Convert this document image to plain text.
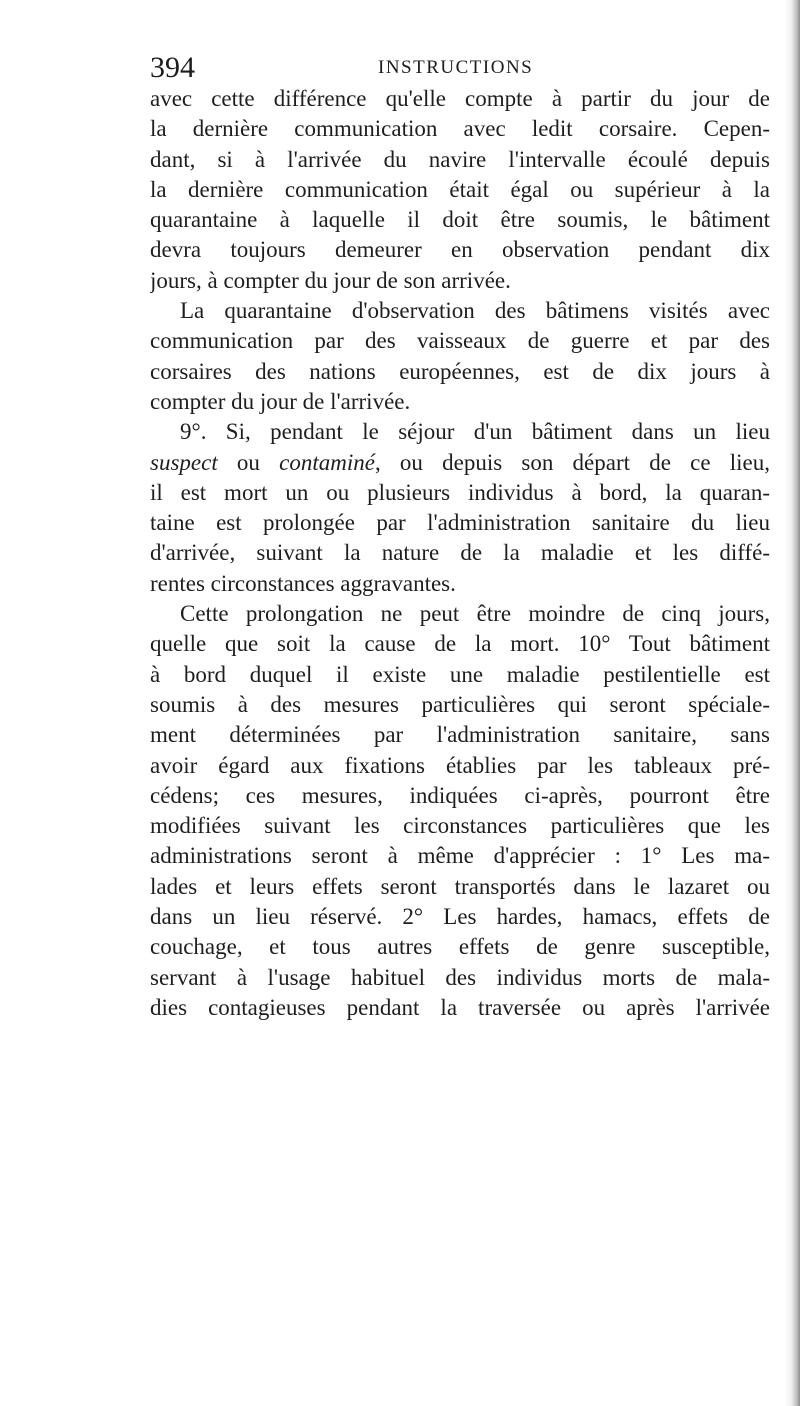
394	INSTRUCTIONS
avec cette différence qu'elle compte à partir du jour de
la dernière communication avec ledit corsaire. Cepen-
dant, si à l'arrivée du navire l'intervalle écoulé depuis
la dernière communication était égal ou supérieur à la
quarantaine à laquelle il doit être soumis, le bâtiment
devra toujours demeurer en observation pendant dix
jours, à compter du jour de son arrivée.
La quarantaine d'observation des bâtimens visités avec
communication par des vaisseaux de guerre et par des
corsaires des nations européennes, est de dix jours à
compter du jour de l'arrivée.
9°. Si, pendant le séjour d'un bâtiment dans un lieu
suspect ou contaminé, ou depuis son départ de ce lieu,
il est mort un ou plusieurs individus à bord, la quaran-
taine est prolongée par l'administration sanitaire du lieu
d'arrivée, suivant la nature de la maladie et les diffé-
rentes circonstances aggravantes.
Cette prolongation ne peut être moindre de cinq jours,
quelle que soit la cause de la mort. 10° Tout bâtiment
à bord duquel il existe une maladie pestilentielle est
soumis à des mesures particulières qui seront spéciale-
ment déterminées par l'administration sanitaire, sans
avoir égard aux fixations établies par les tableaux pré-
cédens; ces mesures, indiquées ci-après, pourront être
modifiées suivant les circonstances particulières que les
administrations seront à même d'apprécier : 1° Les ma-
lades et leurs effets seront transportés dans le lazaret ou
dans un lieu réservé. 2° Les hardes, hamacs, effets de
couchage, et tous autres effets de genre susceptible,
servant à l'usage habituel des individus morts de mala-
dies contagieuses pendant la traversée ou après l'arrivée
